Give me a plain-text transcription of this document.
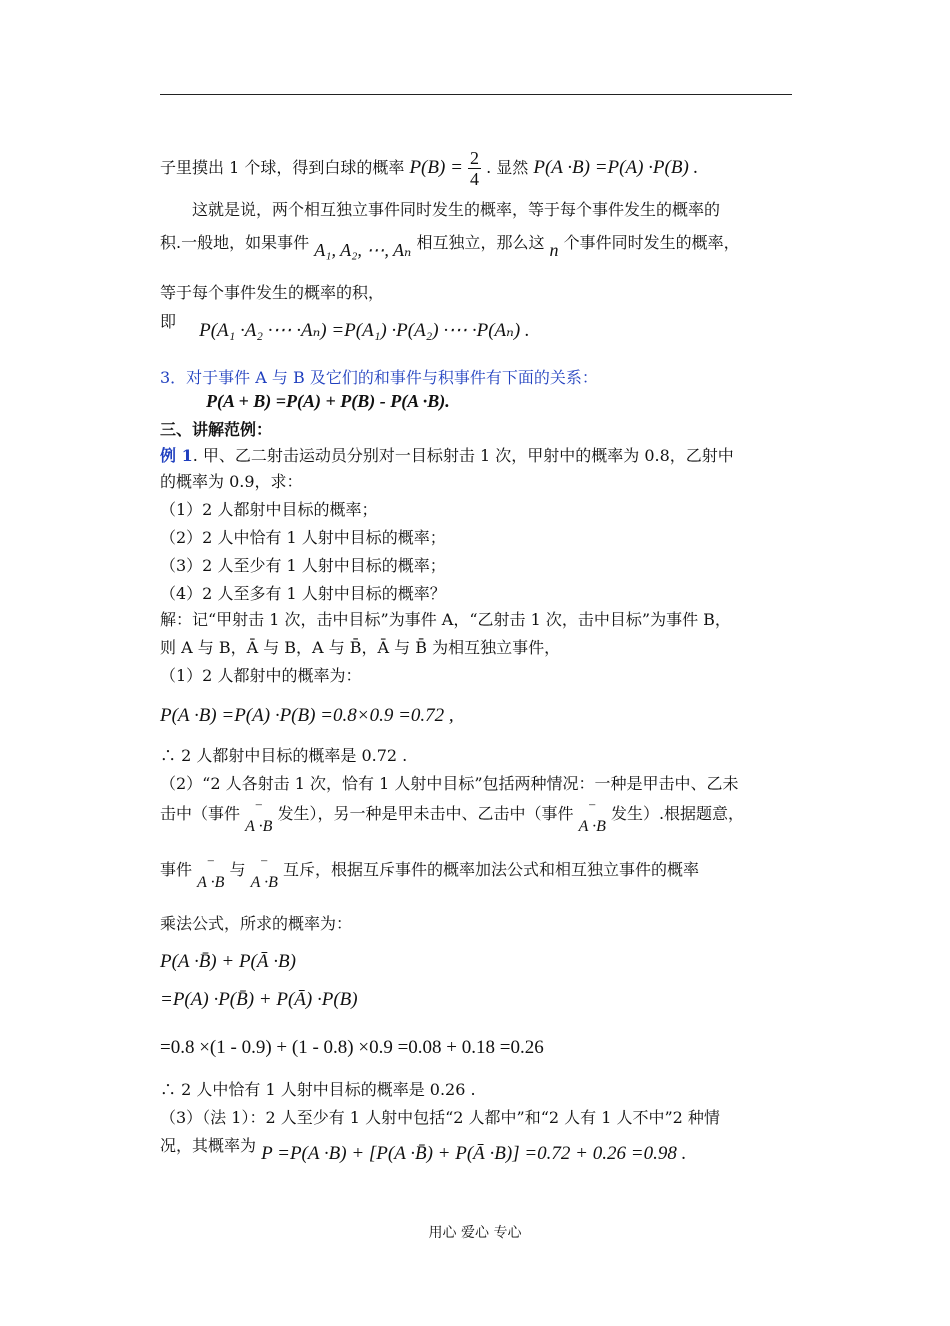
子里摸出 1 个球，得到白球的概率 $P(B) = \frac{2}{4}$ . 显然 P(A ·B) =P(A) ·P(B) .
这就是说，两个相互独立事件同时发生的概率，等于每个事件发生的概率的
积.一般地，如果事件 A₁, A₂, ⋯, Aₙ 相互独立，那么这 n 个事件同时发生的概率，
等于每个事件发生的概率的积，
即 P(A₁ ·A₂ ·⋯ ·Aₙ) =P(A₁) ·P(A₂) ·⋯ ·P(Aₙ) .
3．对于事件 A 与 B 及它们的和事件与积事件有下面的关系：
P(A + B) =P(A) + P(B) - P(A ·B).
三、讲解范例：
例 1. 甲、乙二射击运动员分别对一目标射击 1 次，甲射中的概率为 0.8，乙射中
的概率为 0.9，求：
（1）2 人都射中目标的概率；
（2）2 人中恰有 1 人射中目标的概率；
（3）2 人至少有 1 人射中目标的概率；
（4）2 人至多有 1 人射中目标的概率？
解：记“甲射击 1 次，击中目标”为事件 A，“乙射击 1 次，击中目标”为事件 B，
则 A 与 B，Ā 与 B，A 与 B̄，Ā 与 B̄ 为相互独立事件，
（1）2 人都射中的概率为：
P(A ·B) =P(A) ·P(B) =0.8×0.9 =0.72 ,
∴ 2 人都射中目标的概率是 0.72 .
（2）“2 人各射击 1 次，恰有 1 人射中目标”包括两种情况：一种是甲击中、乙未
击中（事件 ‾
A ·B 发生），另一种是甲未击中、乙击中（事件 ‾
A ·B 发生）.根据题意，
事件 ‾
A ·B 与 ‾
A ·B 互斥，根据互斥事件的概率加法公式和相互独立事件的概率
乘法公式，所求的概率为：
P(A ·B̄) + P(Ā ·B)
=P(A) ·P(B̄) + P(Ā) ·P(B)
=0.8 ×(1 - 0.9) + (1 - 0.8) ×0.9 =0.08 + 0.18 =0.26
∴ 2 人中恰有 1 人射中目标的概率是 0.26 .
（3）（法 1）：2 人至少有 1 人射中包括“2 人都中”和“2 人有 1 人不中”2 种情
况，其概率为 P =P(A ·B) + [P(A ·B̄) + P(Ā ·B)] =0.72 + 0.26 =0.98 .
用心 爱心 专心
